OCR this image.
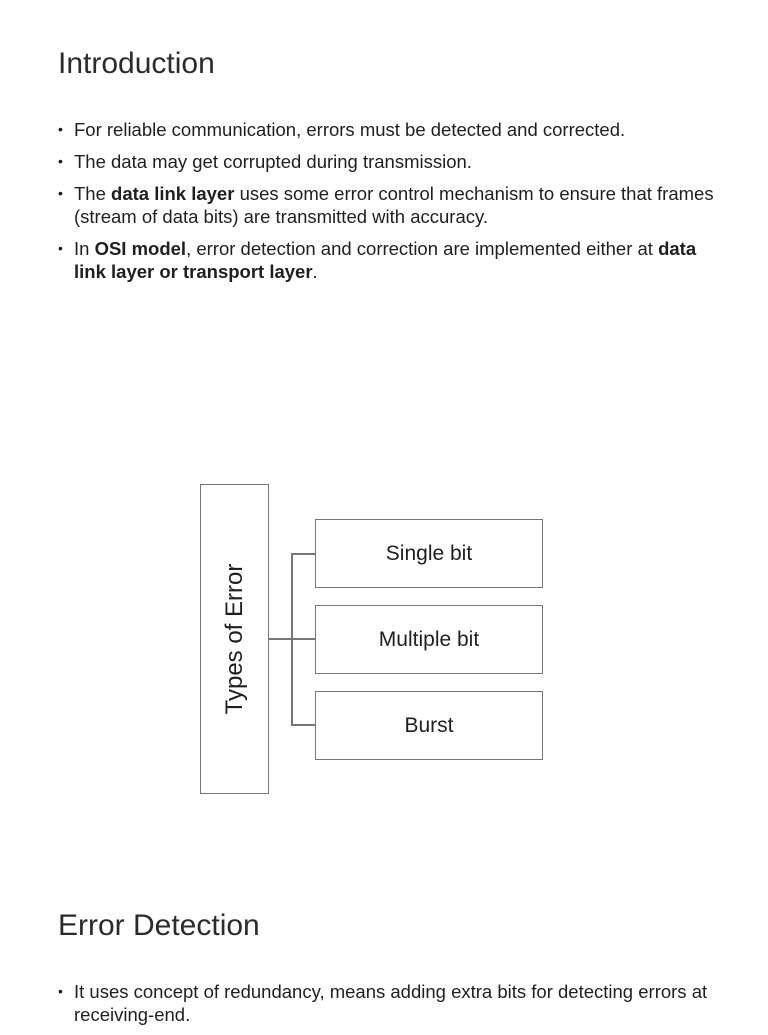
Introduction
• For reliable communication, errors must be detected and corrected.
• The data may get corrupted during transmission.
• The data link layer uses some error control mechanism to ensure that frames (stream of data bits) are transmitted with accuracy.
• In OSI model, error detection and correction are implemented either at data link layer or transport layer.
Types of Error
Single bit
Multiple bit
Burst
Error Detection
• It uses concept of redundancy, means adding extra bits for detecting errors at receiving-end.
